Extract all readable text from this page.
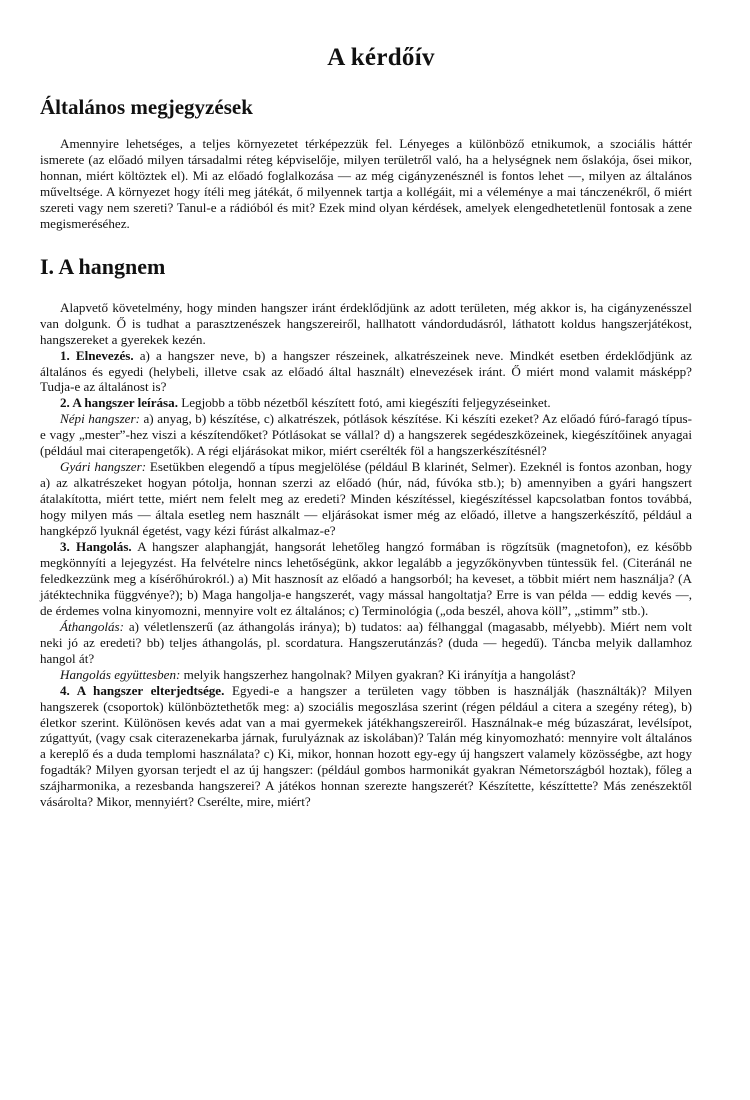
A kérdőív
Általános megjegyzések

Amennyire lehetséges, a teljes környezetet térképezzük fel. Lényeges a különböző etnikumok, a szociális háttér ismerete (az előadó milyen társadalmi réteg képviselője, milyen területről való, ha a helységnek nem őslakója, ősei mikor, honnan, miért költöztek el). Mi az előadó foglalkozása — az még cigányzenésznél is fontos lehet —, milyen az általános műveltsége. A környezet hogy ítéli meg játékát, ő milyennek tartja a kollégáit, mi a véleménye a mai tánczenékről, ő miért szereti vagy nem szereti? Tanul-e a rádióból és mit? Ezek mind olyan kérdések, amelyek elengedhetetlenül fontosak a zene megismeréséhez.

I. A hangnem

Alapvető követelmény, hogy minden hangszer iránt érdeklődjünk az adott területen, még akkor is, ha cigányzenésszel van dolgunk. Ő is tudhat a parasztzenészek hangszereiről, hallhatott vándordudásról, láthatott koldus hangszerjátékost, hangszereket a gyerekek kezén.

1. Elnevezés. a) a hangszer neve, b) a hangszer részeinek, alkatrészeinek neve. Mindkét esetben érdeklődjünk az általános és egyedi (helybeli, illetve csak az előadó által használt) elnevezések iránt. Ő miért mond valamit másképp? Tudja-e az általánost is?

2. A hangszer leírása. Legjobb a több nézetből készített fotó, ami kiegészíti feljegyzéseinket.

Népi hangszer: a) anyag, b) készítése, c) alkatrészek, pótlások készítése. Ki készíti ezeket? Az előadó fúró-faragó típus-e vagy „mester”-hez viszi a készítendőket? Pótlásokat se vállal? d) a hangszerek segédeszközeinek, kiegészítőinek anyagai (például mai citerapengetők). A régi eljárásokat mikor, miért cserélték föl a hangszerkészítésnél?

Gyári hangszer: Esetükben elegendő a típus megjelölése (például B klarinét, Selmer). Ezeknél is fontos azonban, hogy a) az alkatrészeket hogyan pótolja, honnan szerzi az előadó (húr, nád, fúvóka stb.); b) amennyiben a gyári hangszert átalakította, miért tette, miért nem felelt meg az eredeti? Minden készítéssel, kiegészítéssel kapcsolatban fontos továbbá, hogy milyen más — általa esetleg nem használt — eljárásokat ismer még az előadó, illetve a hangszerkészítő, például a hangképző lyuknál égetést, vagy kézi fúrást alkalmaz-e?

3. Hangolás. A hangszer alaphangját, hangsorát lehetőleg hangzó formában is rögzítsük (magnetofon), ez később megkönnyíti a lejegyzést. Ha felvételre nincs lehetőségünk, akkor legalább a jegyzőkönyvben tüntessük fel. (Citeránál ne feledkezzünk meg a kísérőhúrokról.) a) Mit hasznosít az előadó a hangsorból; ha keveset, a többit miért nem használja? (A játéktechnika függvénye?); b) Maga hangolja-e hangszerét, vagy mással hangoltatja? Erre is van példa — eddig kevés —, de érdemes volna kinyomozni, mennyire volt ez általános; c) Terminológia („oda beszél, ahova köll”, „stimm” stb.).

Áthangolás: a) véletlenszerű (az áthangolás iránya); b) tudatos: aa) félhanggal (magasabb, mélyebb). Miért nem volt neki jó az eredeti? bb) teljes áthangolás, pl. scordatura. Hangszerutánzás? (duda — hegedű). Táncba melyik dallamhoz hangol át?

Hangolás együttesben: melyik hangszerhez hangolnak? Milyen gyakran? Ki irányítja a hangolást?

4. A hangszer elterjedtsége. Egyedi-e a hangszer a területen vagy többen is használják (használták)? Milyen hangszerek (csoportok) különböztethetők meg: a) szociális megoszlása szerint (régen például a citera a szegény réteg), b) életkor szerint. Különösen kevés adat van a mai gyermekek játékhangszereiről. Használnak-e még búzaszárat, levélsípot, zúgattyút, (vagy csak citerazenekarba járnak, furulyáznak az iskolában)? Talán még kinyomozható: mennyire volt általános a kereplő és a duda templomi használata? c) Ki, mikor, honnan hozott egy-egy új hangszert valamely közösségbe, azt hogy fogadták? Milyen gyorsan terjedt el az új hangszer: (például gombos harmonikát gyakran Németországból hoztak), főleg a szájharmonika, a rezesbanda hangszerei? A játékos honnan szerezte hangszerét? Készítette, készíttette? Más zenészektől vásárolta? Mikor, mennyiért? Cserélte, mire, miért?
